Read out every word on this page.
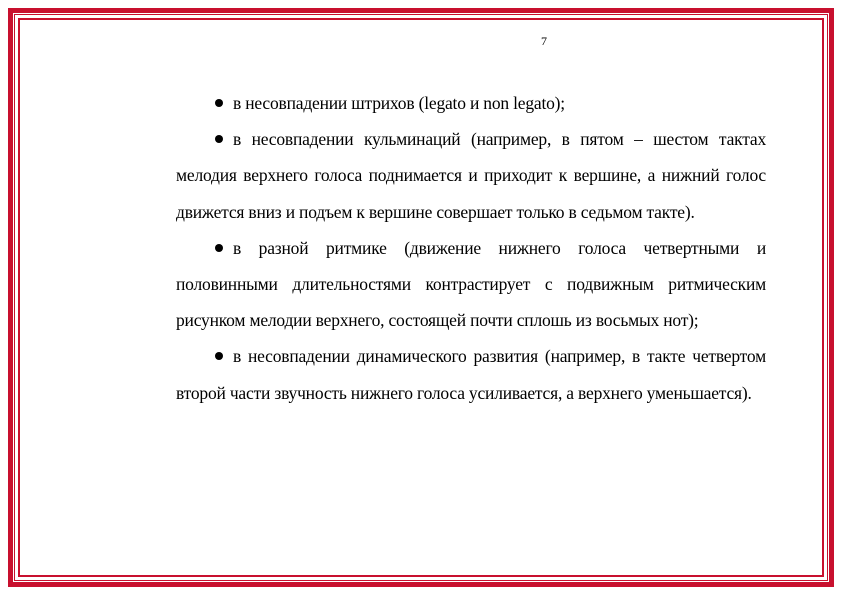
7

в несовпадении штрихов (legato и non legato);

в несовпадении кульминаций (например, в пятом – шестом тактах мелодия верхнего голоса поднимается и приходит к вершине, а нижний голос движется вниз и подъем к вершине совершает только в седьмом такте).

в разной ритмике (движение нижнего голоса четвертными и половинными длительностями контрастирует с подвижным ритмическим рисунком мелодии верхнего, состоящей почти сплошь из восьмых нот);

в несовпадении динамического развития (например, в такте четвертом второй части звучность нижнего голоса усиливается, а верхнего уменьшается).
